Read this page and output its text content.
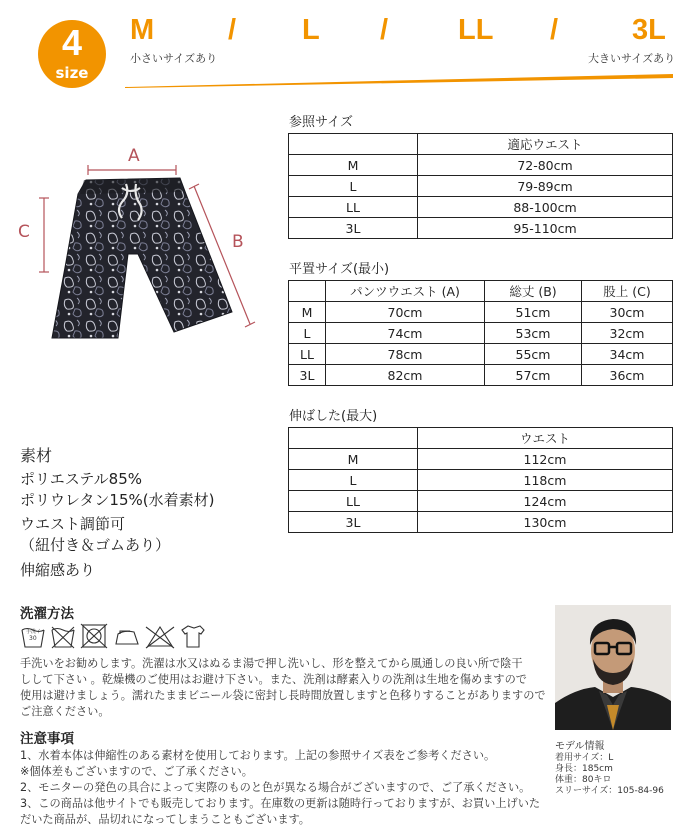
4
size
M	/ L / LL /	3L
小さいサイズあり	大きいサイズあり
A
C	B
参照サイズ
	適応ウエスト
M	72-80cm
L	79-89cm
LL	88-100cm
3L	95-110cm
平置サイズ(最小)
	パンツウエスト (A)	総丈 (B)	股上 (C)
M	70cm	51cm	30cm
L	74cm	53cm	32cm
LL	78cm	55cm	34cm
3L	82cm	57cm	36cm
伸ばした(最大)
	ウエスト
M	112cm
L	118cm
LL	124cm
3L	130cm
素材
ポリエステル85%
ポリウレタン15%(水着素材)
ウエスト調節可
（紐付き＆ゴムあり）
伸縮感あり
洗濯方法
手洗イ
30
手洗いをお勧めします。洗濯は水又はぬるま湯で押し洗いし、形を整えてから風通しの良い所で陰干
しして下さい 。乾燥機のご使用はお避け下さい。また、洗剤は酵素入りの洗剤は生地を傷めますので
使用は避けましょう。濡れたままビニール袋に密封し長時間放置しますと色移りすることがありますので
ご注意ください。
注意事項
1、水着本体は伸縮性のある素材を使用しております。上記の参照サイズ表をご参考ください。
※個体差もございますので、ご了承ください。
2、モニターの発色の具合によって実際のものと色が異なる場合がございますので、ご了承ください。
3、この商品は他サイトでも販売しております。在庫数の更新は随時行っておりますが、お買い上げいた
だいた商品が、品切れになってしまうこともございます。
モデル情報
着用サイズ：L
身長：185cm
体重：80キロ
スリーサイズ：105-84-96
